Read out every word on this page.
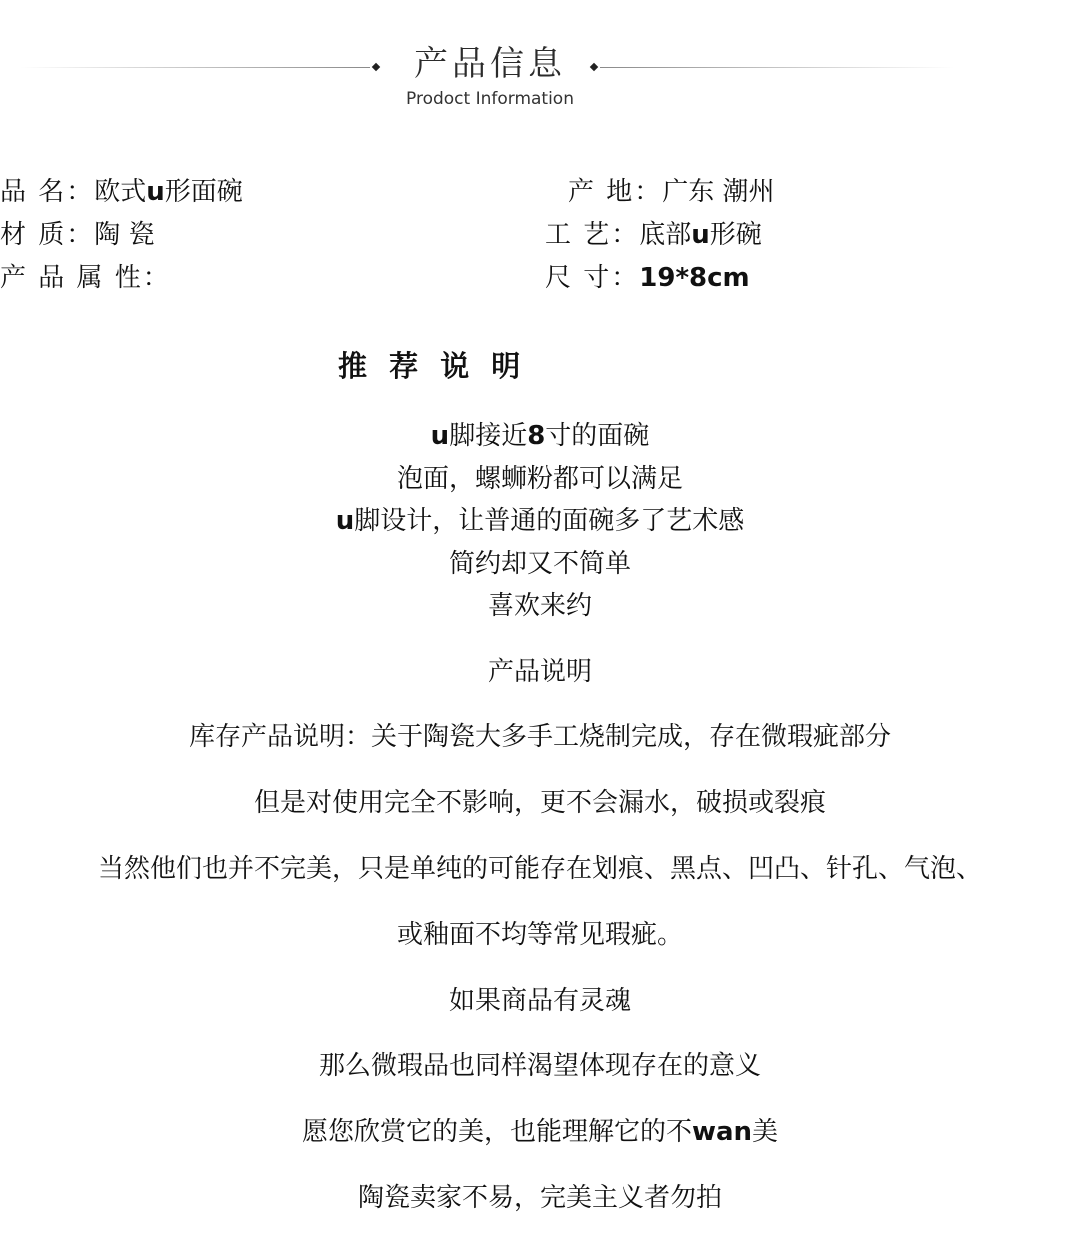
产品信息
Prodoct Information
品 名：欧式u形面碗	产 地：广东 潮州
材 质：陶 瓷	工 艺：底部u形碗
产 品 属 性：	尺 寸：19*8cm
推 荐 说 明
u脚接近8寸的面碗
泡面，螺蛳粉都可以满足
u脚设计，让普通的面碗多了艺术感
简约却又不简单
喜欢来约
产品说明
库存产品说明：关于陶瓷大多手工烧制完成，存在微瑕疵部分
但是对使用完全不影响，更不会漏水，破损或裂痕
当然他们也并不完美，只是单纯的可能存在划痕、黑点、凹凸、针孔、气泡、
或釉面不均等常见瑕疵。
如果商品有灵魂
那么微瑕品也同样渴望体现存在的意义
愿您欣赏它的美，也能理解它的不wan美
陶瓷卖家不易，完美主义者勿拍
